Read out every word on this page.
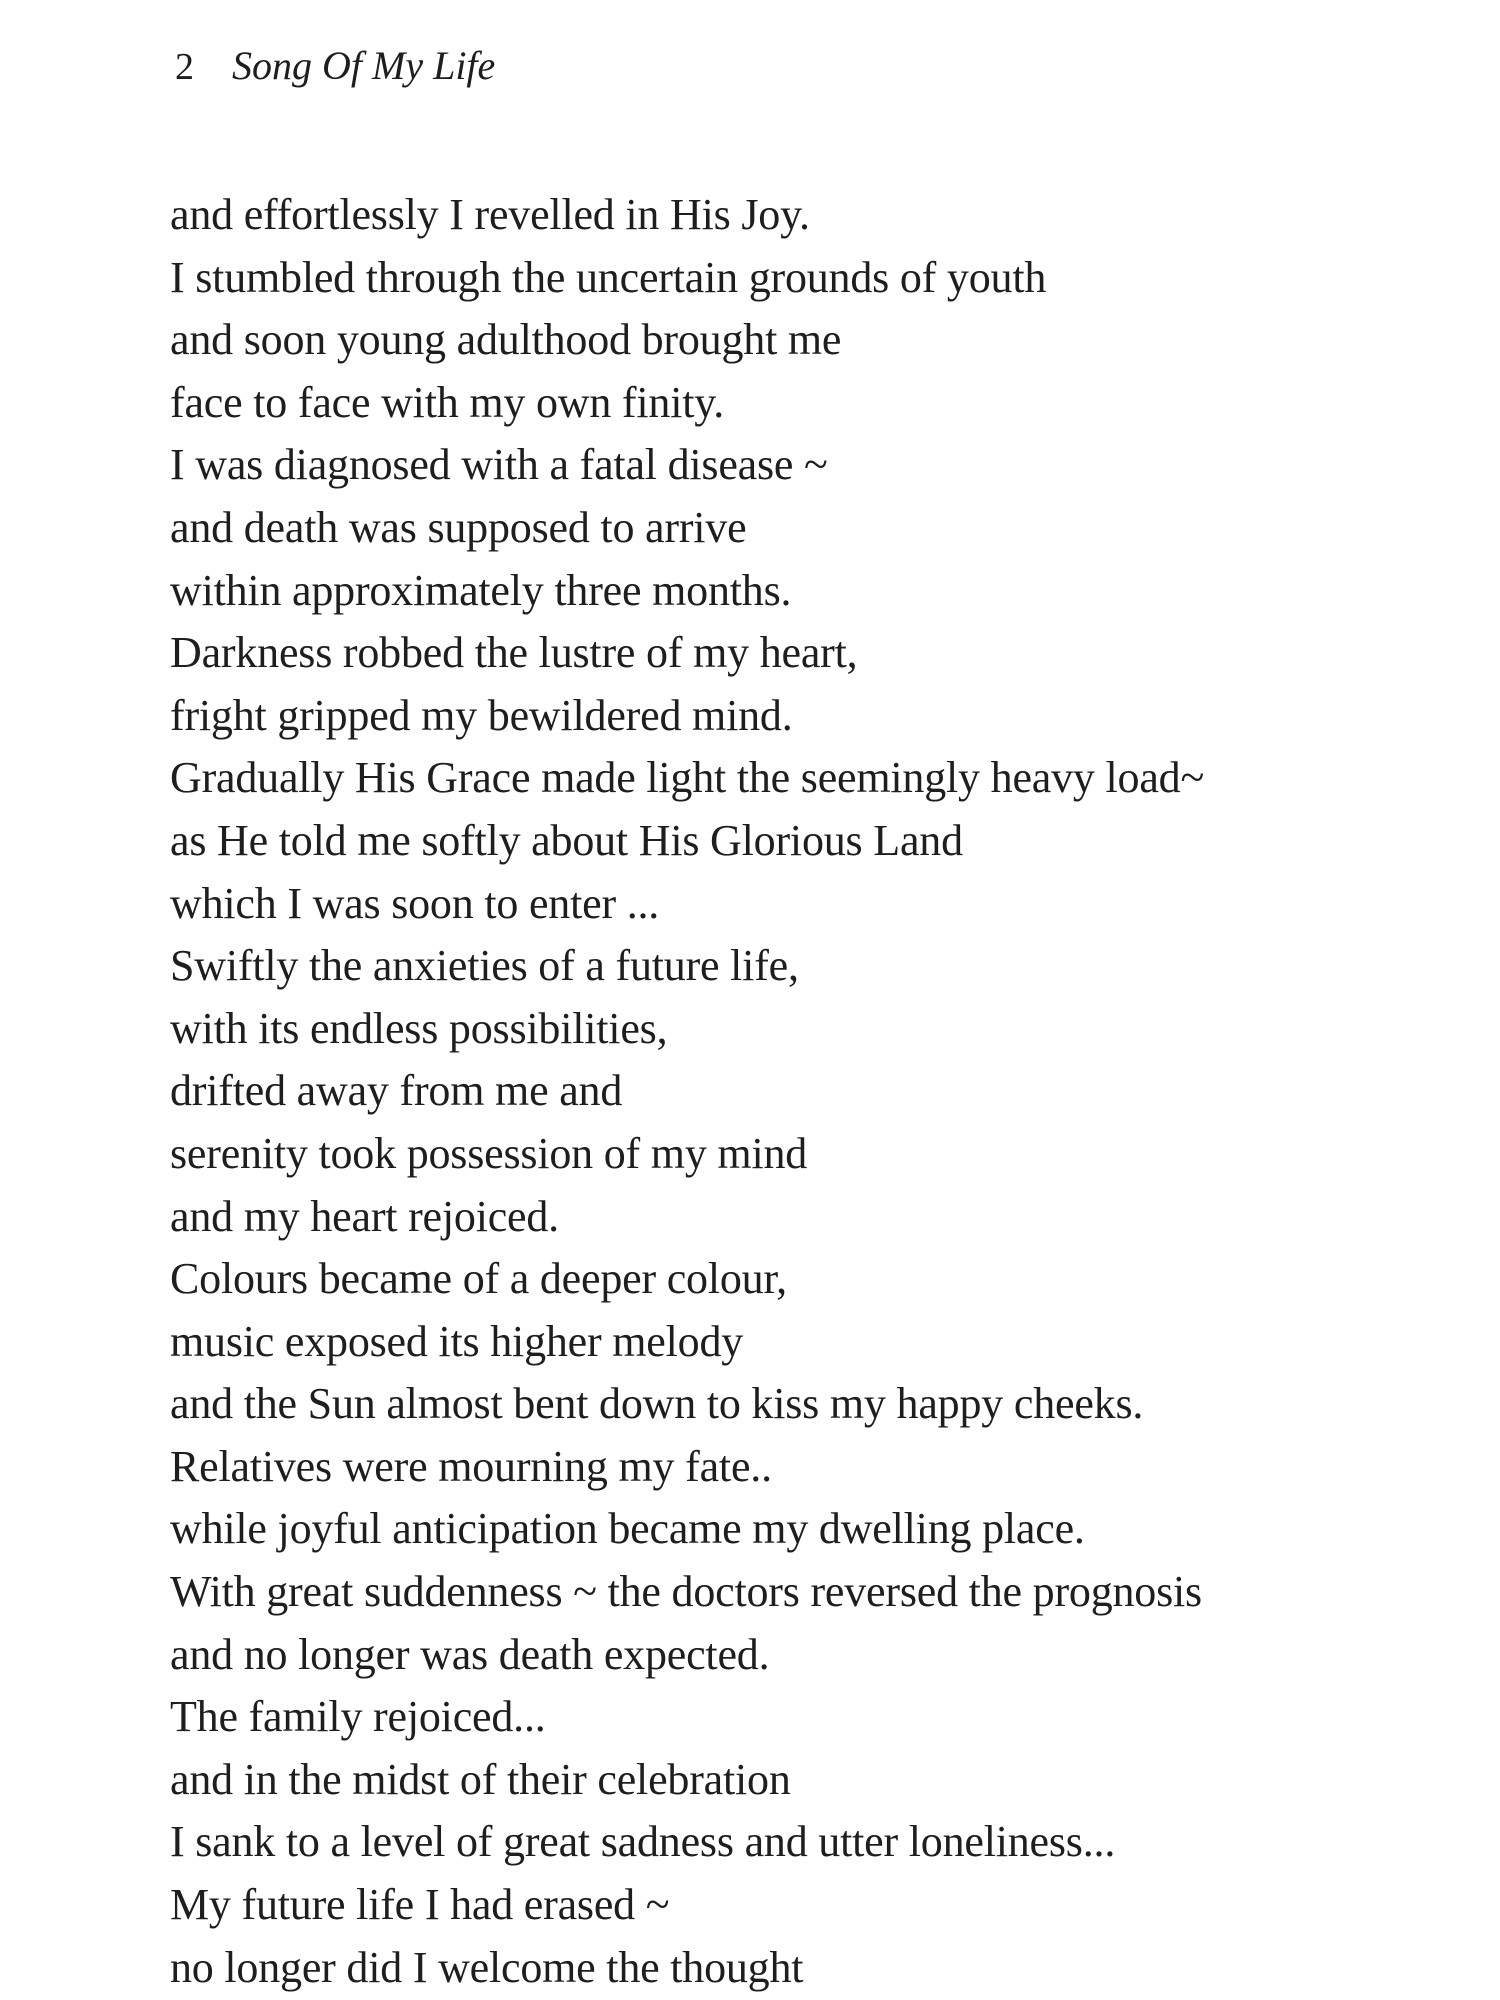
2 Song Of My Life
and effortlessly I revelled in His Joy.
I stumbled through the uncertain grounds of youth
and soon young adulthood brought me
face to face with my own finity.
I was diagnosed with a fatal disease ~
and death was supposed to arrive
within approximately three months.
Darkness robbed the lustre of my heart,
fright gripped my bewildered mind.
Gradually His Grace made light the seemingly heavy load~
as He told me softly about His Glorious Land
which I was soon to enter ...
Swiftly the anxieties of a future life,
with its endless possibilities,
drifted away from me and
serenity took possession of my mind
and my heart rejoiced.
Colours became of a deeper colour,
music exposed its higher melody
and the Sun almost bent down to kiss my happy cheeks.
Relatives were mourning my fate..
while joyful anticipation became my dwelling place.
With great suddenness ~ the doctors reversed the prognosis
and no longer was death expected.
The family rejoiced...
and in the midst of their celebration
I sank to a level of great sadness and utter loneliness...
My future life I had erased ~
no longer did I welcome the thought
